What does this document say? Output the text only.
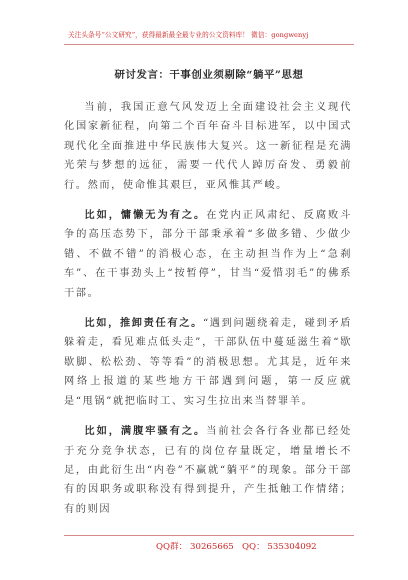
关注头条号“公文研究”，获得最新最全最专业的公文资料库！ 微信：gongwenyj
研讨发言：干事创业须剔除“躺平”思想

当前，我国正意气风发迈上全面建设社会主义现代化国家新征程，向第二个百年奋斗目标进军，以中国式现代化全面推进中华民族伟大复兴。这一新征程是充满光荣与梦想的远征，需要一代代人踔厉奋发、勇毅前行。然而，使命惟其艰巨，亚风惟其严峻。

比如，慵懒无为有之。在党内正风肃纪、反腐败斗争的高压态势下，部分干部秉承着“多做多错、少做少错、不做不错”的消极心态，在主动担当作为上“急刹车”、在干事劲头上“按暂停”，甘当“爱惜羽毛”的佛系干部。

比如，推卸责任有之。“遇到问题绕着走，碰到矛盾躲着走，看见难点低头走”，干部队伍中蔓延滋生着“歇歇脚、松松劲、等等看”的消极思想。尤其是，近年来网络上报道的某些地方干部遇到问题，第一反应就是“甩锅”就把临时工、实习生拉出来当替罪羊。

比如，满腹牢骚有之。当前社会各行各业都已经处于充分竞争状态，已有的岗位存量既定，增量增长不足，由此衍生出“内卷”不赢就“躺平”的现象。部分干部有的因职务或职称没有得到提升，产生抵触工作情绪；有的则因

QQ群： 30265665 QQ： 535304092
